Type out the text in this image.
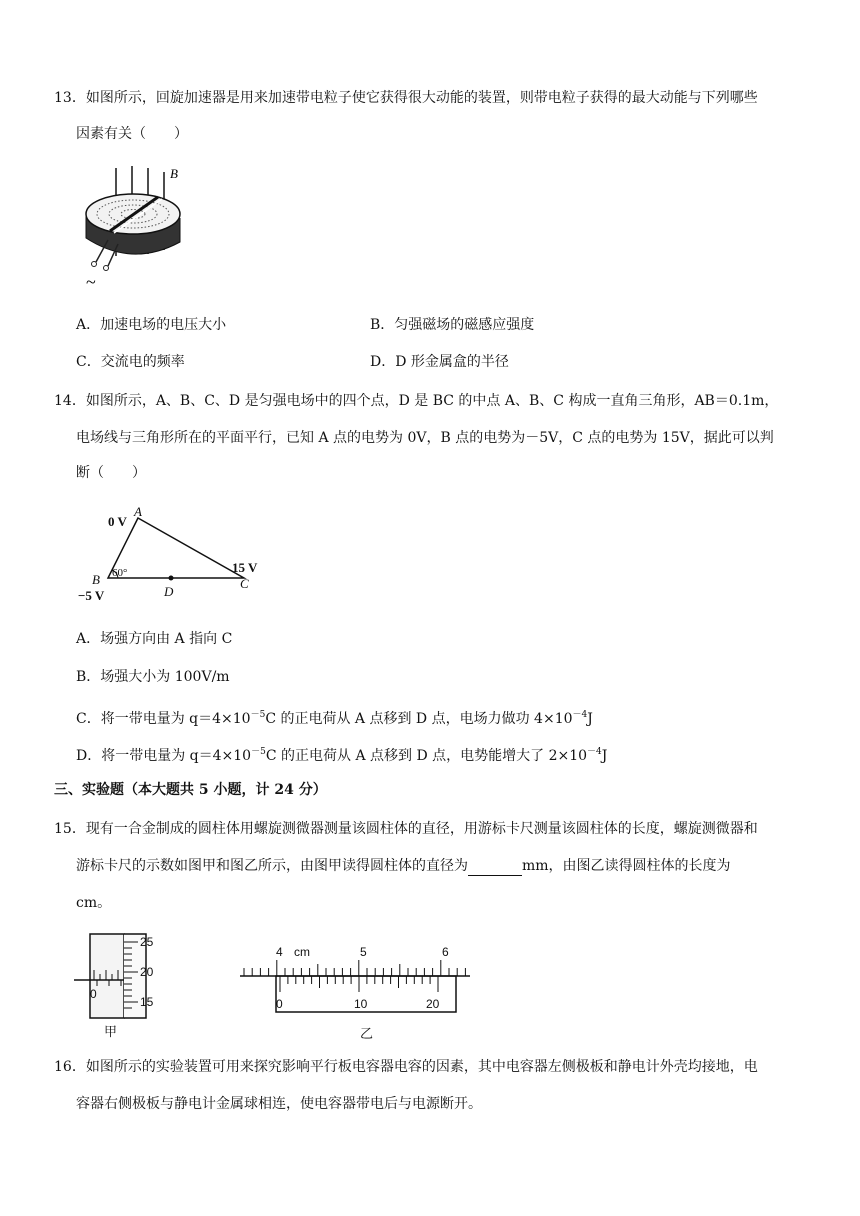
13．如图所示，回旋加速器是用来加速带电粒子使它获得很大动能的装置，则带电粒子获得的最大动能与下列哪些
因素有关（　　）
B
~
A．加速电场的电压大小	B．匀强磁场的磁感应强度
C．交流电的频率	D．D 形金属盒的半径
14．如图所示，A、B、C、D 是匀强电场中的四个点，D 是 BC 的中点 A、B、C 构成一直角三角形，AB＝0.1m，
电场线与三角形所在的平面平行，已知 A 点的电势为 0V，B 点的电势为－5V，C 点的电势为 15V，据此可以判
断（　　）
0 V
A
B 60°
−5 V
15 V
C
D
A．场强方向由 A 指向 C
B．场强大小为 100V/m
C．将一带电量为 $q=4\times 10^{-5}C$ 的正电荷从 A 点移到 D 点，电场力做功 $4\times 10^{-4}J$
D．将一带电量为 $q=4\times 10^{-5}C$ 的正电荷从 A 点移到 D 点，电势能增大了 $2\times 10^{-4}J$
三、实验题（本大题共 5 小题，计 24 分）
15．现有一合金制成的圆柱体用螺旋测微器测量该圆柱体的直径，用游标卡尺测量该圆柱体的长度，螺旋测微器和
游标卡尺的示数如图甲和图乙所示，由图甲读得圆柱体的直径为	mm，由图乙读得圆柱体的长度为
cm。
25
20
15
0
甲
4 cm	5	6
0	10	20
乙
16．如图所示的实验装置可用来探究影响平行板电容器电容的因素，其中电容器左侧极板和静电计外壳均接地，电
容器右侧极板与静电计金属球相连，使电容器带电后与电源断开。
